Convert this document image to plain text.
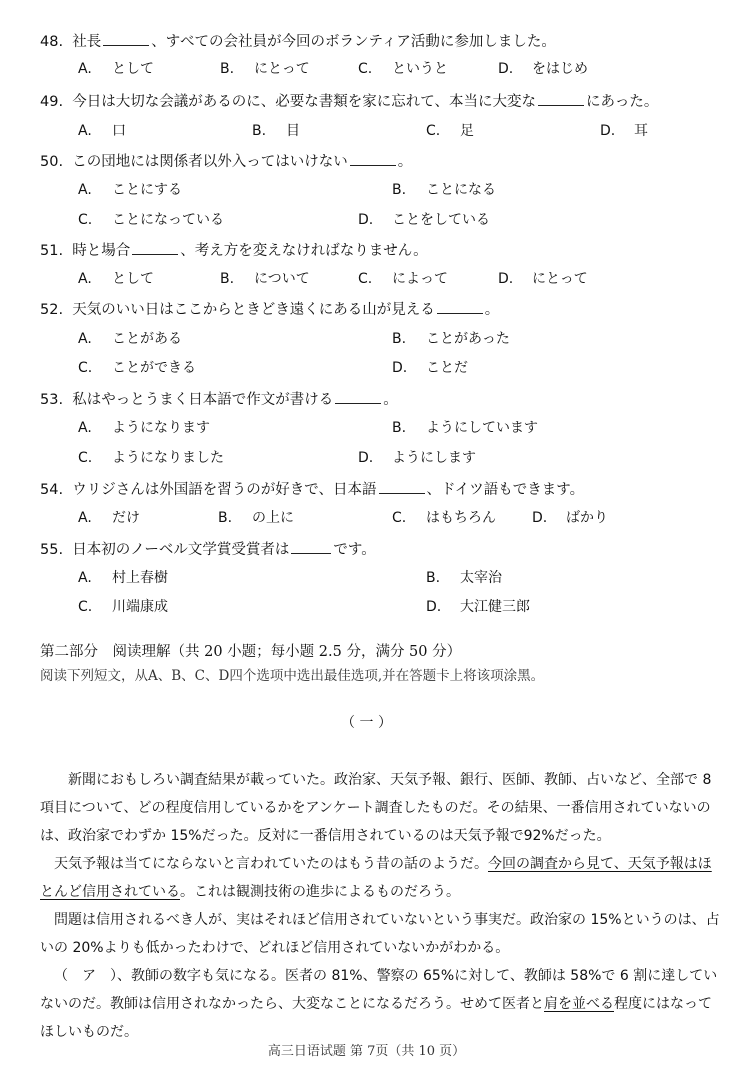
48. 社長	、すべての会社員が今回のボランティア活動に参加しました。
A. として	B. にとって	C. というと	D. をはじめ
49. 今日は大切な会議があるのに、必要な書類を家に忘れて、本当に大変な	にあった。
A. 口	B. 目	C. 足	D. 耳
50. この団地には関係者以外入ってはいけない	。
A. ことにする	B. ことになる
C. ことになっている	D. ことをしている
51. 時と場合	、考え方を変えなければなりません。
A. として	B. について	C. によって	D. にとって
52. 天気のいい日はここからときどき遠くにある山が見える	。
A. ことがある	B. ことがあった
C. ことができる	D. ことだ
53. 私はやっとうまく日本語で作文が書ける	。
A. ようになります	B. ようにしています
C. ようになりました	D. ようにします
54. ウリジさんは外国語を習うのが好きで、日本語	、ドイツ語もできます。
A. だけ	B. の上に	C. はもちろん	D. ばかり
55. 日本初のノーベル文学賞受賞者は	です。
A. 村上春樹	B. 太宰治
C. 川端康成	D. 大江健三郎
第二部分　阅读理解（共 20 小题；每小题 2.5 分，满分 50 分）
阅读下列短文，从A、B、C、D四个选项中选出最佳选项,并在答题卡上将该项涂黑。
（ 一 ）

新聞におもしろい調査結果が載っていた。政治家、天気予報、銀行、医師、教師、占いなど、全部で 8 項目について、どの程度信用しているかをアンケート調査したものだ。その結果、一番信用されていないのは、政治家でわずか 15%だった。反対に一番信用されているのは天気予報で92%だった。

天気予報は当てにならないと言われていたのはもう昔の話のようだ。今回の調査から見て、天気予報はほとんど信用されている。これは観測技術の進歩によるものだろう。

問題は信用されるべき人が、実はそれほど信用されていないという事実だ。政治家の 15%というのは、占いの 20%よりも低かったわけで、どれほど信用されていないかがわかる。

（　ア　）、教師の数字も気になる。医者の 81%、警察の 65%に対して、教師は 58%で 6 割に達していないのだ。教師は信用されなかったら、大変なことになるだろう。せめて医者と肩を並べる程度にはなってほしいものだ。

高三日语试题 第 7页（共 10 页）
